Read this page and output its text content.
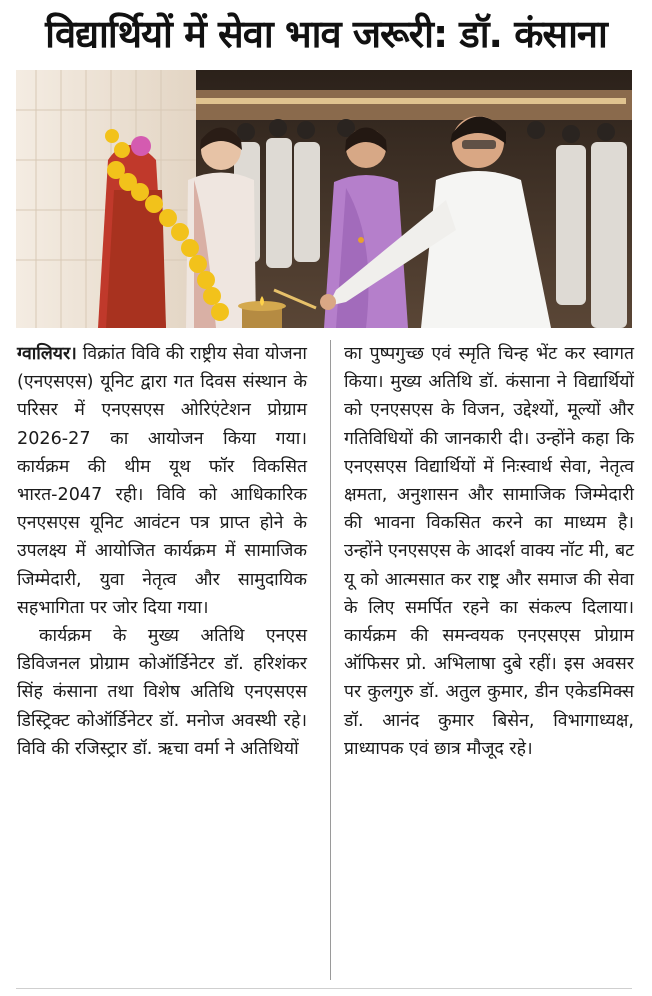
विद्यार्थियों में सेवा भाव जरूरी: डॉ. कंसाना
ग्वालियर। विक्रांत विवि की राष्ट्रीय सेवा योजना (एनएसएस) यूनिट द्वारा गत दिवस संस्थान के परिसर में एनएसएस ओरिएंटेशन प्रोग्राम 2026-27 का आयोजन किया गया। कार्यक्रम की थीम यूथ फॉर विकसित भारत-2047 रही। विवि को आधिकारिक एनएसएस यूनिट आवंटन पत्र प्राप्त होने के उपलक्ष्य में आयोजित कार्यक्रम में सामाजिक जिम्मेदारी, युवा नेतृत्व और सामुदायिक सहभागिता पर जोर दिया गया।
कार्यक्रम के मुख्य अतिथि एनएस डिविजनल प्रोग्राम कोऑर्डिनेटर डॉ. हरिशंकर सिंह कंसाना तथा विशेष अतिथि एनएसएस डिस्ट्रिक्ट कोऑर्डिनेटर डॉ. मनोज अवस्थी रहे। विवि की रजिस्ट्रार डॉ. ऋचा वर्मा ने अतिथियों
का पुष्पगुच्छ एवं स्मृति चिन्ह भेंट कर स्वागत किया। मुख्य अतिथि डॉ. कंसाना ने विद्यार्थियों को एनएसएस के विजन, उद्देश्यों, मूल्यों और गतिविधियों की जानकारी दी। उन्होंने कहा कि एनएसएस विद्यार्थियों में निःस्वार्थ सेवा, नेतृत्व क्षमता, अनुशासन और सामाजिक जिम्मेदारी की भावना विकसित करने का माध्यम है। उन्होंने एनएसएस के आदर्श वाक्य नॉट मी, बट यू को आत्मसात कर राष्ट्र और समाज की सेवा के लिए समर्पित रहने का संकल्प दिलाया। कार्यक्रम की समन्वयक एनएसएस प्रोग्राम ऑफिसर प्रो. अभिलाषा दुबे रहीं। इस अवसर पर कुलगुरु डॉ. अतुल कुमार, डीन एकेडमिक्स डॉ. आनंद कुमार बिसेन, विभागाध्यक्ष, प्राध्यापक एवं छात्र मौजूद रहे।
